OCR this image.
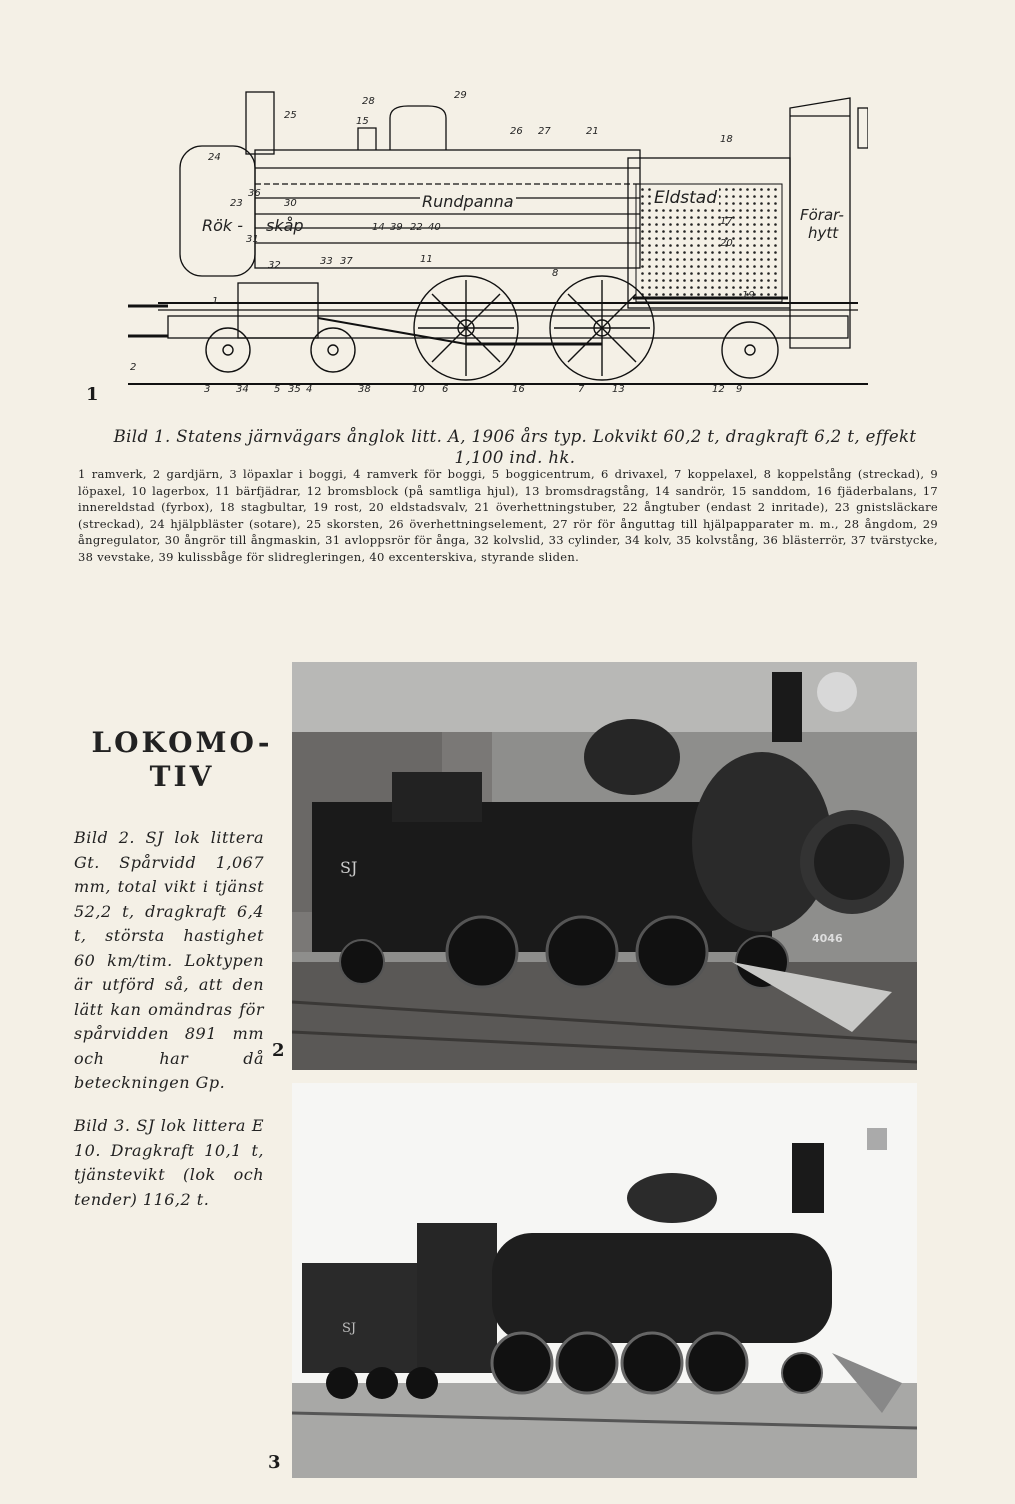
Rök - skåp
Rundpanna	Eldstad
Förar-
hytt
25
28
29
15
26 27	21
24
23
36
30
31
14 39 22 40
17
20
18
32	33 37	11
8
19
1
2
3	34	5 35 4	38	10 6	16	7	13	12 9
1
Bild 1. Statens järnvägars ånglok litt. A, 1906 års typ. Lokvikt 60,2 t, dragkraft 6,2 t, effekt 1,100 ind. hk.
1 ramverk, 2 gardjärn, 3 löpaxlar i boggi, 4 ramverk för boggi, 5 boggicentrum, 6 drivaxel, 7 koppelaxel, 8 koppelstång (streckad), 9 löpaxel, 10 lagerbox, 11 bärfjädrar, 12 bromsblock (på samtliga hjul), 13 bromsdragstång, 14 sandrör, 15 sanddom, 16 fjäderbalans, 17 innereldstad (fyrbox), 18 stagbultar, 19 rost, 20 eldstadsvalv, 21 överhettningstuber, 22 ångtuber (endast 2 inritade), 23 gnistsläckare (streckad), 24 hjälpbläster (sotare), 25 skorsten, 26 överhettningselement, 27 rör för ånguttag till hjälpapparater m. m., 28 ångdom, 29 ångregulator, 30 ångrör till ångmaskin, 31 avloppsrör för ånga, 32 kolvslid, 33 cylinder, 34 kolv, 35 kolvstång, 36 blästerrör, 37 tvärstycke, 38 vevstake, 39 kulissbåge för slidregleringen, 40 excenterskiva, styrande sliden.
LOKOMO-
TIV
Bild 2. SJ lok littera Gt. Spårvidd 1,067 mm, total vikt i tjänst 52,2 t, dragkraft 6,4 t, största hastighet 60 km/tim. Loktypen är utförd så, att den lätt kan omändras för spårvidden 891 mm och har då beteckningen Gp.
Bild 3. SJ lok littera E 10. Dragkraft 10,1 t, tjänstevikt (lok och tender) 116,2 t.
4046
SJ
2
SJ
3
